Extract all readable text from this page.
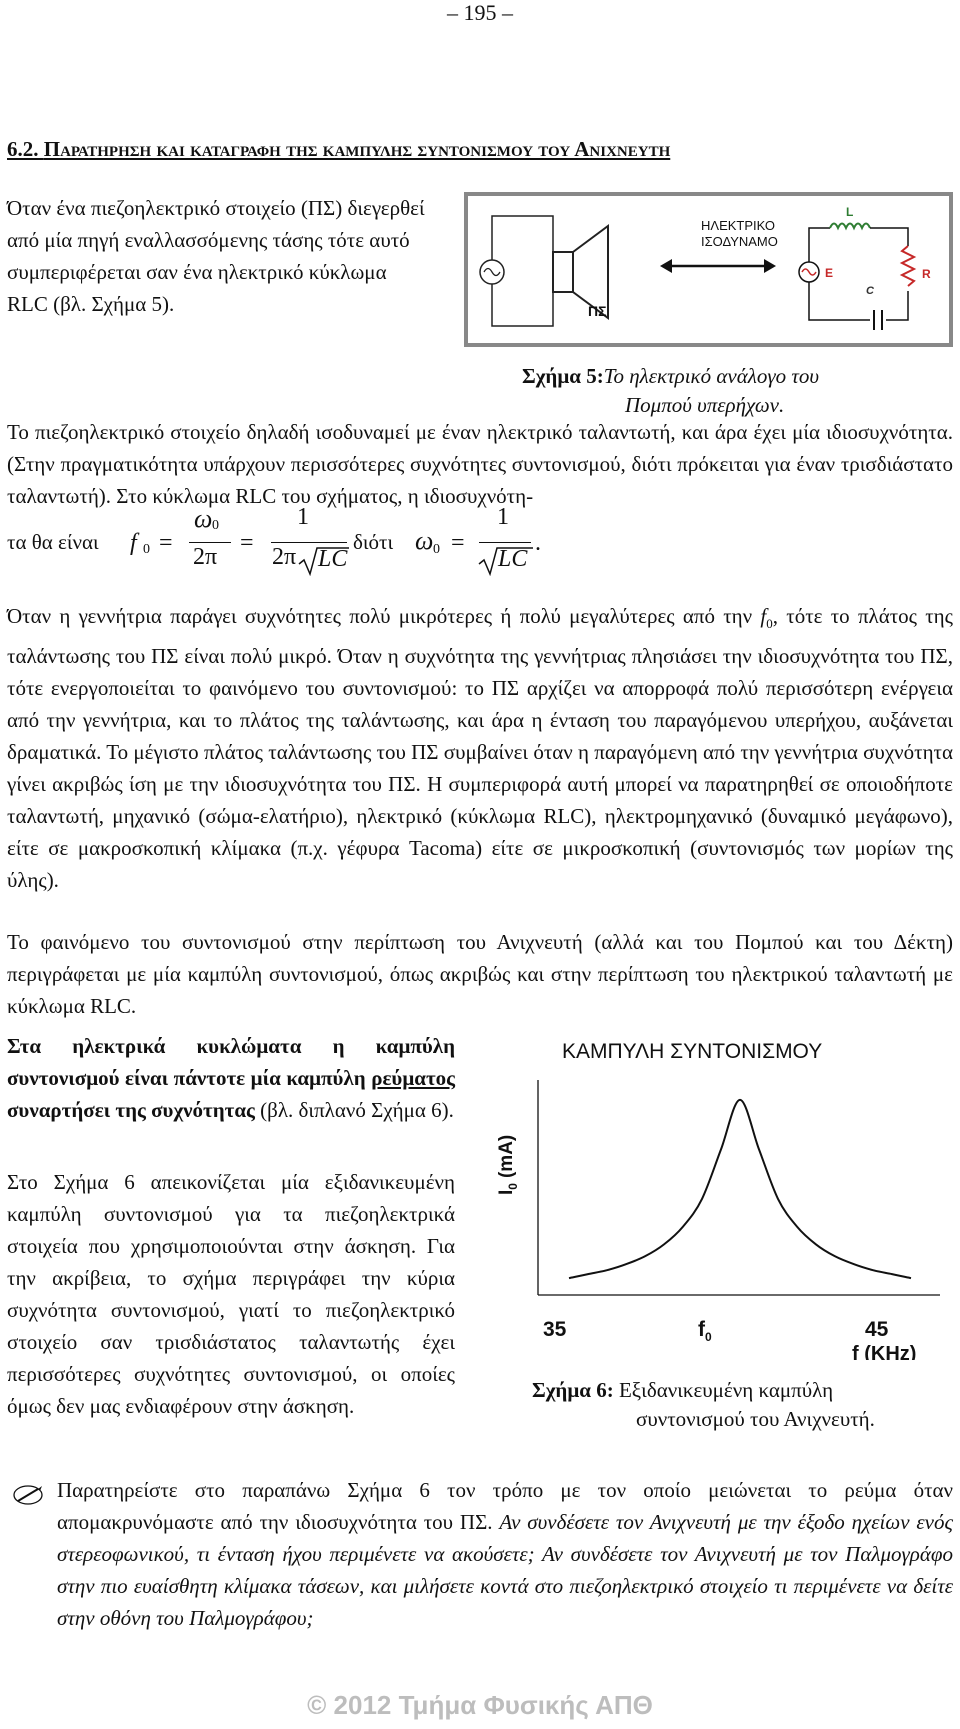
– 195 –
6.2. Παρατηρηση και καταγραφη της καμπυλης συντονισμου του Ανιχνευτη
Όταν ένα πιεζοηλεκτρικό στοιχείο (ΠΣ) διεγερθεί από μία πηγή εναλλασσόμενης τάσης τότε αυτό συμπεριφέρεται σαν ένα ηλεκτρικό κύκλωμα RLC (βλ. Σχήμα 5).	ΠΣ
ΗΛΕΚΤΡΙΚΟ
ΙΣΟΔΥΝΑΜΟ
L
E
C
R
Σχήμα 5:Το ηλεκτρικό ανάλογο του
Πομπού υπερήχων.
Το πιεζοηλεκτρικό στοιχείο δηλαδή ισοδυναμεί με έναν ηλεκτρικό ταλαντωτή, και άρα έχει μία ιδιοσυχνότητα. (Στην πραγματικότητα υπάρχουν περισσότερες συχνότητες συντονισμού, διότι πρόκειται για έναν τρισδιάστατο ταλαντωτή). Στο κύκλωμα RLC του σχήματος, η ιδιοσυχνότη-
τα θα είναι f 0 =
ω 0
2π
=
1
2π LC
διότι ω 0 =
1
LC
.
Όταν η γεννήτρια παράγει συχνότητες πολύ μικρότερες ή πολύ μεγαλύτερες από την $f_0$, τότε το πλάτος της ταλάντωσης του ΠΣ είναι πολύ μικρό. Όταν η συχνότητα της γεννήτριας πλησιάσει την ιδιοσυχνότητα του ΠΣ, τότε ενεργοποιείται το φαινόμενο του συντονισμού: το ΠΣ αρχίζει να απορροφά πολύ περισσότερη ενέργεια από την γεννήτρια, και το πλάτος της ταλάντωσης, και άρα η ένταση του παραγόμενου υπερήχου, αυξάνεται δραματικά. Το μέγιστο πλάτος ταλάντωσης του ΠΣ συμβαίνει όταν η παραγόμενη από την γεννήτρια συχνότητα γίνει ακριβώς ίση με την ιδιοσυχνότητα του ΠΣ. Η συμπεριφορά αυτή μπορεί να παρατηρηθεί σε οποιοδήποτε ταλαντωτή, μηχανικό (σώμα-ελατήριο), ηλεκτρικό (κύκλωμα RLC), ηλεκτρομηχανικό (δυναμικό μεγάφωνο), είτε σε μακροσκοπική κλίμακα (π.χ. γέφυρα Tacoma) είτε σε μικροσκοπική (συντονισμός των μορίων της ύλης).
Το φαινόμενο του συντονισμού στην περίπτωση του Ανιχνευτή (αλλά και του Πομπού και του Δέκτη) περιγράφεται με μία καμπύλη συντονισμού, όπως ακριβώς και στην περίπτωση του ηλεκτρικού ταλαντωτή με κύκλωμα RLC.
Στα ηλεκτρικά κυκλώματα η καμπύλη συντονισμού είναι πάντοτε μία καμπύλη ρεύματος συναρτήσει της συχνότητας (βλ. διπλανό Σχήμα 6).
Στο Σχήμα 6 απεικονίζεται μία εξιδανικευμένη καμπύλη συντονισμού για τα πιεζοηλεκτρικά στοιχεία που χρησιμοποιούνται στην άσκηση. Για την ακρίβεια, το σχήμα περιγράφει την κύρια συχνότητα συντονισμού, γιατί το πιεζοηλεκτρικό στοιχείο σαν τρισδιάστατος ταλαντωτής έχει περισσότερες συχνότητες συντονισμού, οι οποίες όμως δεν μας ενδιαφέρουν στην άσκηση.
ΚΑΜΠΥΛΗ ΣΥΝΤΟΝΙΣΜΟΥ
$I_0(mA)$
35	$f_0$	45
f (KHz)
Σχήμα 6: Εξιδανικευμένη καμπύλη
συντονισμού του Ανιχνευτή.
Παρατηρείστε στο παραπάνω Σχήμα 6 τον τρόπο με τον οποίο μειώνεται το ρεύμα όταν απομακρυνόμαστε από την ιδιοσυχνότητα του ΠΣ. Αν συνδέσετε τον Ανιχνευτή με την έξοδο ηχείων ενός στερεοφωνικού, τι ένταση ήχου περιμένετε να ακούσετε; Αν συνδέσετε τον Ανιχνευτή με τον Παλμογράφο στην πιο ευαίσθητη κλίμακα τάσεων, και μιλήσετε κοντά στο πιεζοηλεκτρικό στοιχείο τι περιμένετε να δείτε στην οθόνη του Παλμογράφου;
© 2012 Τμήμα Φυσικής ΑΠΘ
